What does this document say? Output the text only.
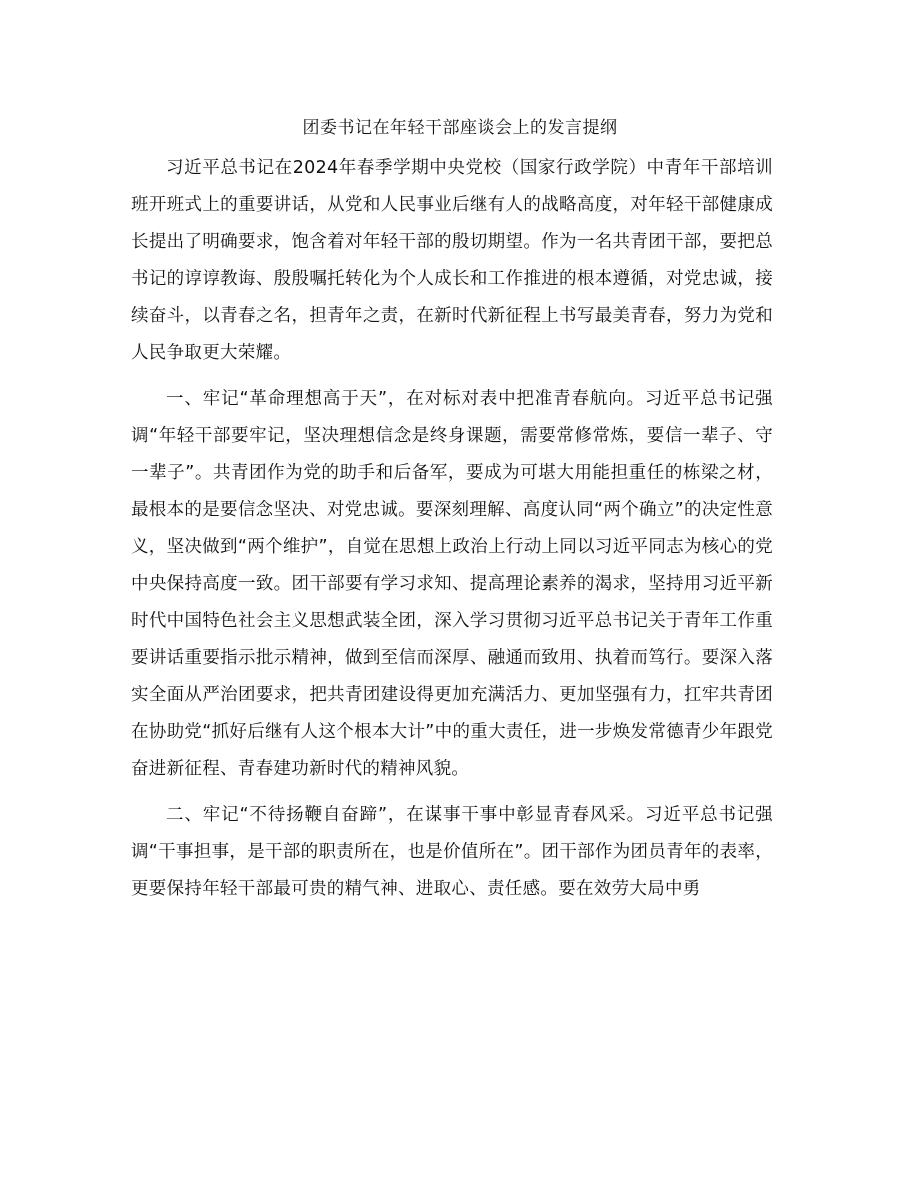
团委书记在年轻干部座谈会上的发言提纲

习近平总书记在2024年春季学期中央党校（国家行政学院）中青年干部培训班开班式上的重要讲话，从党和人民事业后继有人的战略高度，对年轻干部健康成长提出了明确要求，饱含着对年轻干部的殷切期望。作为一名共青团干部，要把总书记的谆谆教诲、殷殷嘱托转化为个人成长和工作推进的根本遵循，对党忠诚，接续奋斗，以青春之名，担青年之责，在新时代新征程上书写最美青春，努力为党和人民争取更大荣耀。

一、牢记“革命理想高于天”，在对标对表中把准青春航向。习近平总书记强调“年轻干部要牢记，坚决理想信念是终身课题，需要常修常炼，要信一辈子、守一辈子”。共青团作为党的助手和后备军，要成为可堪大用能担重任的栋梁之材，最根本的是要信念坚决、对党忠诚。要深刻理解、高度认同“两个确立”的决定性意义，坚决做到“两个维护”，自觉在思想上政治上行动上同以习近平同志为核心的党中央保持高度一致。团干部要有学习求知、提高理论素养的渴求，坚持用习近平新时代中国特色社会主义思想武装全团，深入学习贯彻习近平总书记关于青年工作重要讲话重要指示批示精神，做到至信而深厚、融通而致用、执着而笃行。要深入落实全面从严治团要求，把共青团建设得更加充满活力、更加坚强有力，扛牢共青团在协助党“抓好后继有人这个根本大计”中的重大责任，进一步焕发常德青少年跟党奋进新征程、青春建功新时代的精神风貌。

二、牢记“不待扬鞭自奋蹄”，在谋事干事中彰显青春风采。习近平总书记强调“干事担事，是干部的职责所在，也是价值所在”。团干部作为团员青年的表率，更要保持年轻干部最可贵的精气神、进取心、责任感。要在效劳大局中勇
